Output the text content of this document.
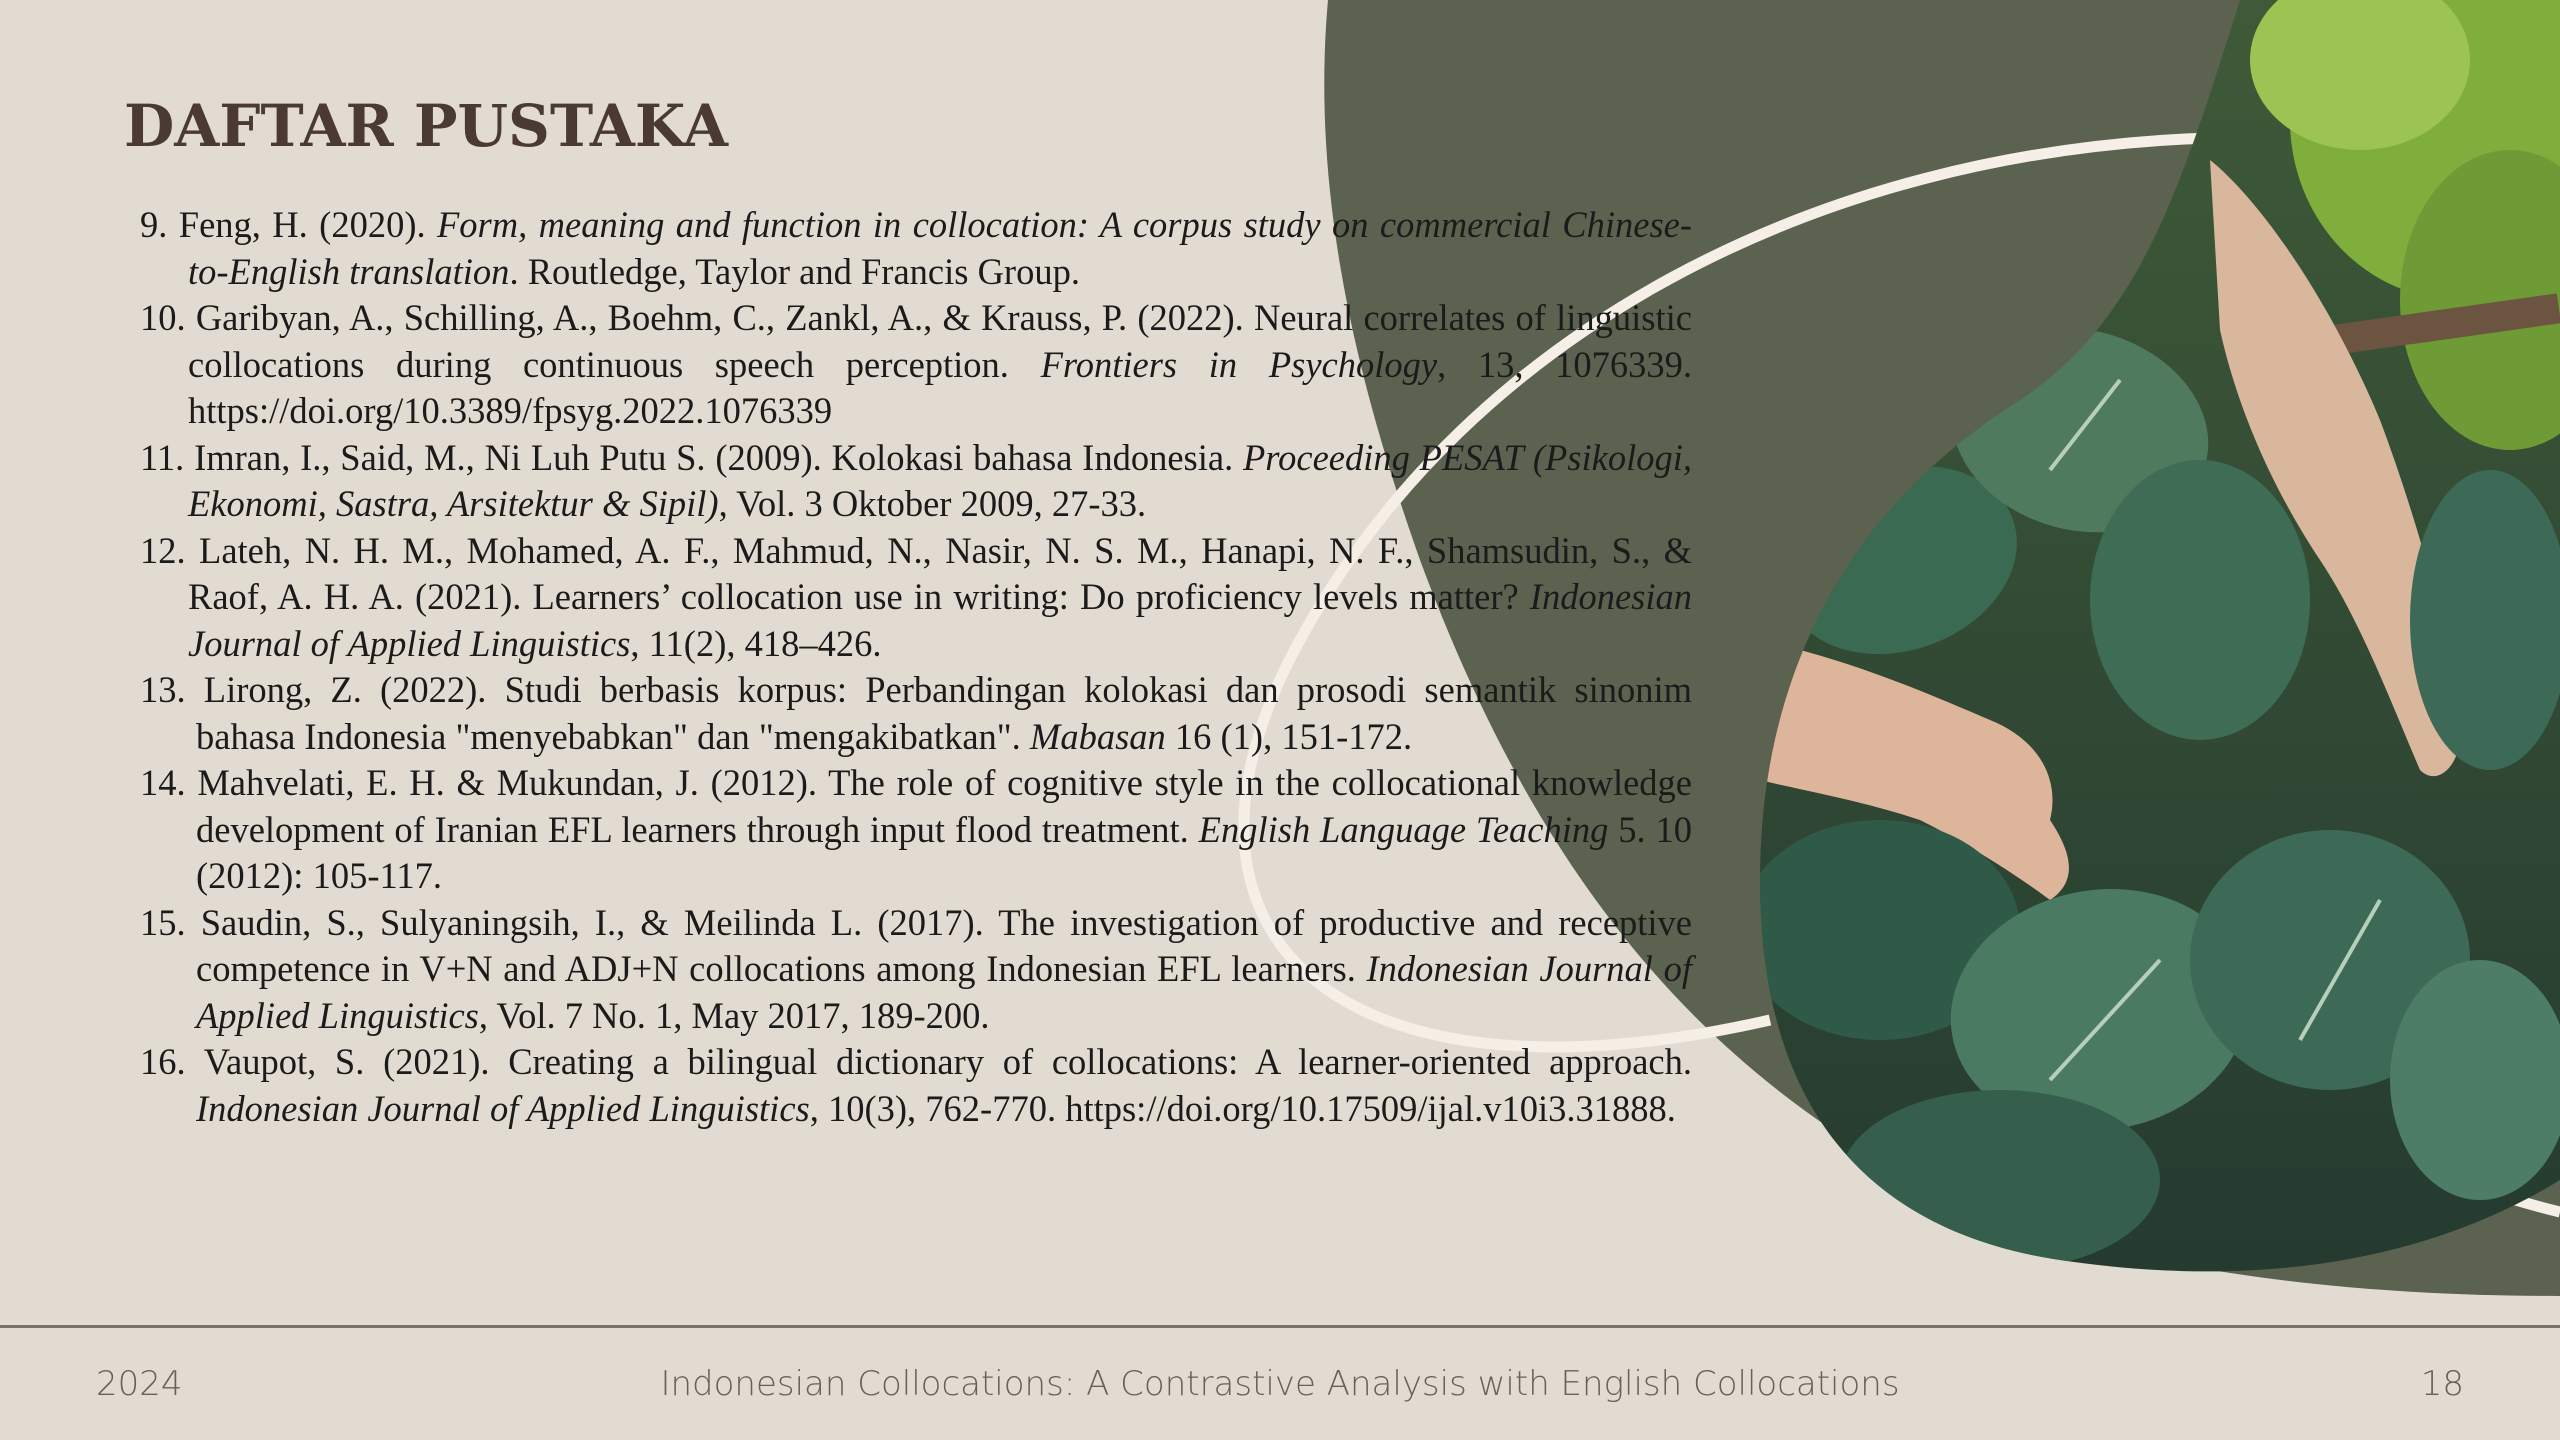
DAFTAR PUSTAKA
9. Feng, H. (2020). Form, meaning and function in collocation: A corpus study on commercial Chinese-to-English translation. Routledge, Taylor and Francis Group.
10. Garibyan, A., Schilling, A., Boehm, C., Zankl, A., & Krauss, P. (2022). Neural correlates of linguistic collocations during continuous speech perception. Frontiers in Psychology, 13, 1076339. https://doi.org/10.3389/fpsyg.2022.1076339
11. Imran, I., Said, M., Ni Luh Putu S. (2009). Kolokasi bahasa Indonesia. Proceeding PESAT (Psikologi, Ekonomi, Sastra, Arsitektur & Sipil), Vol. 3 Oktober 2009, 27-33.
12. Lateh, N. H. M., Mohamed, A. F., Mahmud, N., Nasir, N. S. M., Hanapi, N. F., Shamsudin, S., & Raof, A. H. A. (2021). Learners’ collocation use in writing: Do proficiency levels matter? Indonesian Journal of Applied Linguistics, 11(2), 418–426.
13. Lirong, Z. (2022). Studi berbasis korpus: Perbandingan kolokasi dan prosodi semantik sinonim bahasa Indonesia "menyebabkan" dan "mengakibatkan". Mabasan 16 (1), 151-172.
14. Mahvelati, E. H. & Mukundan, J. (2012). The role of cognitive style in the collocational knowledge development of Iranian EFL learners through input flood treatment. English Language Teaching 5. 10 (2012): 105-117.
15. Saudin, S., Sulyaningsih, I., & Meilinda L. (2017). The investigation of productive and receptive competence in V+N and ADJ+N collocations among Indonesian EFL learners. Indonesian Journal of Applied Linguistics, Vol. 7 No. 1, May 2017, 189-200.
16. Vaupot, S. (2021). Creating a bilingual dictionary of collocations: A learner-oriented approach. Indonesian Journal of Applied Linguistics, 10(3), 762-770. https://doi.org/10.17509/ijal.v10i3.31888.
2024	Indonesian Collocations: A Contrastive Analysis with English Collocations	18
